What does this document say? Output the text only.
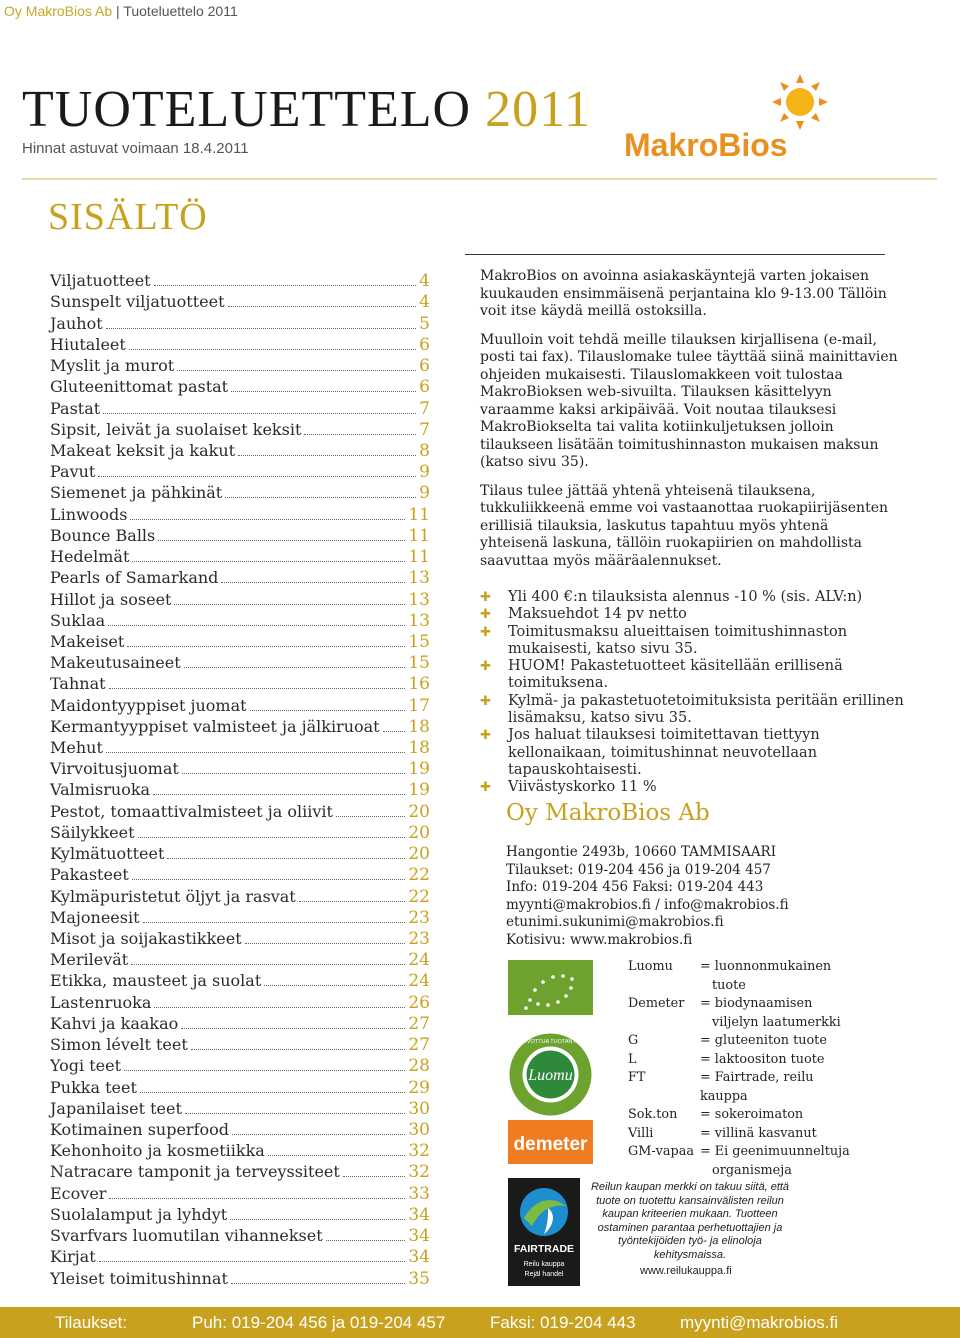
Oy MakroBios Ab | Tuoteluettelo 2011
TUOTELUETTELO 2011
Hinnat astuvat voimaan 18.4.2011	MakroBios
SISÄLTÖ
Viljatuotteet	4
Sunspelt viljatuotteet	4
Jauhot	5
Hiutaleet	6
Myslit ja murot	6
Gluteenittomat pastat	6
Pastat	7
Sipsit, leivät ja suolaiset keksit	7
Makeat keksit ja kakut	8
Pavut	9
Siemenet ja pähkinät	9
Linwoods	11
Bounce Balls	11
Hedelmät	11
Pearls of Samarkand	13
Hillot ja soseet	13
Suklaa	13
Makeiset	15
Makeutusaineet	15
Tahnat	16
Maidontyyppiset juomat	17
Kermantyyppiset valmisteet ja jälkiruoat 18
Mehut	18
Virvoitusjuomat	19
Valmisruoka	19
Pestot, tomaattivalmisteet ja oliivit	20
Säilykkeet	20
Kylmätuotteet	20
Pakasteet	22
Kylmäpuristetut öljyt ja rasvat	22
Majoneesit	23
Misot ja soijakastikkeet	23
Merilevät	24
Etikka, mausteet ja suolat	24
Lastenruoka	26
Kahvi ja kaakao	27
Simon lévelt teet	27
Yogi teet	28
Pukka teet	29
Japanilaiset teet	30
Kotimainen superfood	30
Kehonhoito ja kosmetiikka	32
Natracare tamponit ja terveyssiteet	32
Ecover	33
Suolalamput ja lyhdyt	34
Svarfvars luomutilan vihannekset	34
Kirjat	34
Yleiset toimitushinnat	35

MakroBios on avoinna asiakaskäyntejä varten jokaisen kuukauden ensimmäisenä perjantaina klo 9-13.00 Tällöin voit itse käydä meillä ostoksilla.

Muulloin voit tehdä meille tilauksen kirjallisena (e-mail, posti tai fax). Tilauslomake tulee täyttää siinä mainittavien ohjeiden mukaisesti. Tilauslomakkeen voit tulostaa MakroBioksen web-sivuilta. Tilauksen käsittelyyn varaamme kaksi arkipäivää. Voit noutaa tilauksesi MakroBiokselta tai valita kotiinkuljetuksen jolloin tilaukseen lisätään toimitushinnaston mukaisen maksun (katso sivu 35).

Tilaus tulee jättää yhtenä yhteisenä tilauksena, tukkuliikkeenä emme voi vastaanottaa ruokapiirijäsenten erillisiä tilauksia, laskutus tapahtuu myös yhtenä yhteisenä laskuna, tällöin ruokapiirien on mahdollista saavuttaa myös määräalennukset.

✚ Yli 400 €:n tilauksista alennus -10 % (sis. ALV:n)
✚ Maksuehdot 14 pv netto
✚ Toimitusmaksu alueittaisen toimitushinnaston mukaisesti, katso sivu 35.
✚ HUOM! Pakastetuotteet käsitellään erillisenä toimituksena.
✚ Kylmä- ja pakastetuotetoimituksista peritään erillinen lisämaksu, katso sivu 35.
✚ Jos haluat tilauksesi toimitettavan tiettyyn kellonaikaan, toimitushinnat neuvotellaan tapauskohtaisesti.
✚ Viivästyskorko 11 %
Oy MakroBios Ab
Hangontie 2493b, 10660 TAMMISAARI
Tilaukset: 019-204 456 ja 019-204 457
Info: 019-204 456 Faksi: 019-204 443
myynti@makrobios.fi / info@makrobios.fi
etunimi.sukunimi@makrobios.fi
Kotisivu: www.makrobios.fi
Luomu
VALVOTTUA TUOTANTOA
demeter
FAIRTRADE
Reilu kauppa
Rejäl handel
Luomu	= luonnonmukainen
tuote
Demeter	= biodynaamisen
viljelyn laatumerkki
G	= gluteeniton tuote
L	= laktoositon tuote
FT	= Fairtrade, reilu kauppa
Sok.ton	= sokeroimaton
Villi	= villinä kasvanut
GM-vapaa = Ei geenimuunneltuja
organismeja
Reilun kaupan merkki on takuu siitä, että tuote on tuotettu kansainvälisten reilun kaupan kriteerien mukaan. Tuotteen ostaminen parantaa perhetuottajien ja työntekijöiden työ- ja elinoloja kehitysmaissa.
www.reilukauppa.fi
Tilaukset:	Puh: 019-204 456 ja 019-204 457	Faksi: 019-204 443	myynti@makrobios.fi
